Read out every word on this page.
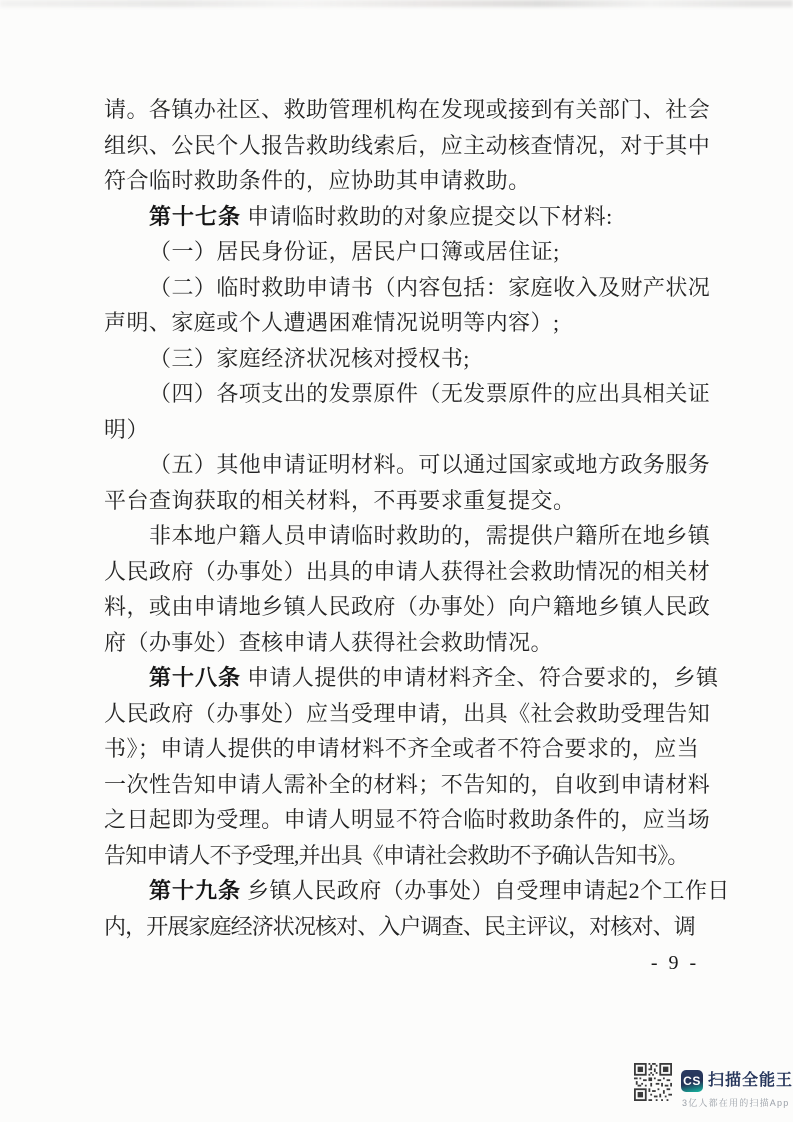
请。各镇办社区、救助管理机构在发现或接到有关部门、社会

组织、公民个人报告救助线索后，应主动核查情况，对于其中

符合临时救助条件的，应协助其申请救助。

第十七条 申请临时救助的对象应提交以下材料:

（一）居民身份证，居民户口簿或居住证;

（二）临时救助申请书（内容包括：家庭收入及财产状况

声明、家庭或个人遭遇困难情况说明等内容）;

（三）家庭经济状况核对授权书;

（四）各项支出的发票原件（无发票原件的应出具相关证

明）

（五）其他申请证明材料。可以通过国家或地方政务服务

平台查询获取的相关材料，不再要求重复提交。

非本地户籍人员申请临时救助的，需提供户籍所在地乡镇

人民政府（办事处）出具的申请人获得社会救助情况的相关材

料，或由申请地乡镇人民政府（办事处）向户籍地乡镇人民政

府（办事处）查核申请人获得社会救助情况。

第十八条 申请人提供的申请材料齐全、符合要求的，乡镇

人民政府（办事处）应当受理申请，出具《社会救助受理告知

书》；申请人提供的申请材料不齐全或者不符合要求的，应当

一次性告知申请人需补全的材料；不告知的，自收到申请材料

之日起即为受理。申请人明显不符合临时救助条件的，应当场

告知申请人不予受理,并出具《申请社会救助不予确认告知书》。

第十九条 乡镇人民政府（办事处）自受理申请起2个工作日

内，开展家庭经济状况核对、入户调查、民主评议，对核对、调

- 9 -
CS 扫描全能王
3亿人都在用的扫描App
